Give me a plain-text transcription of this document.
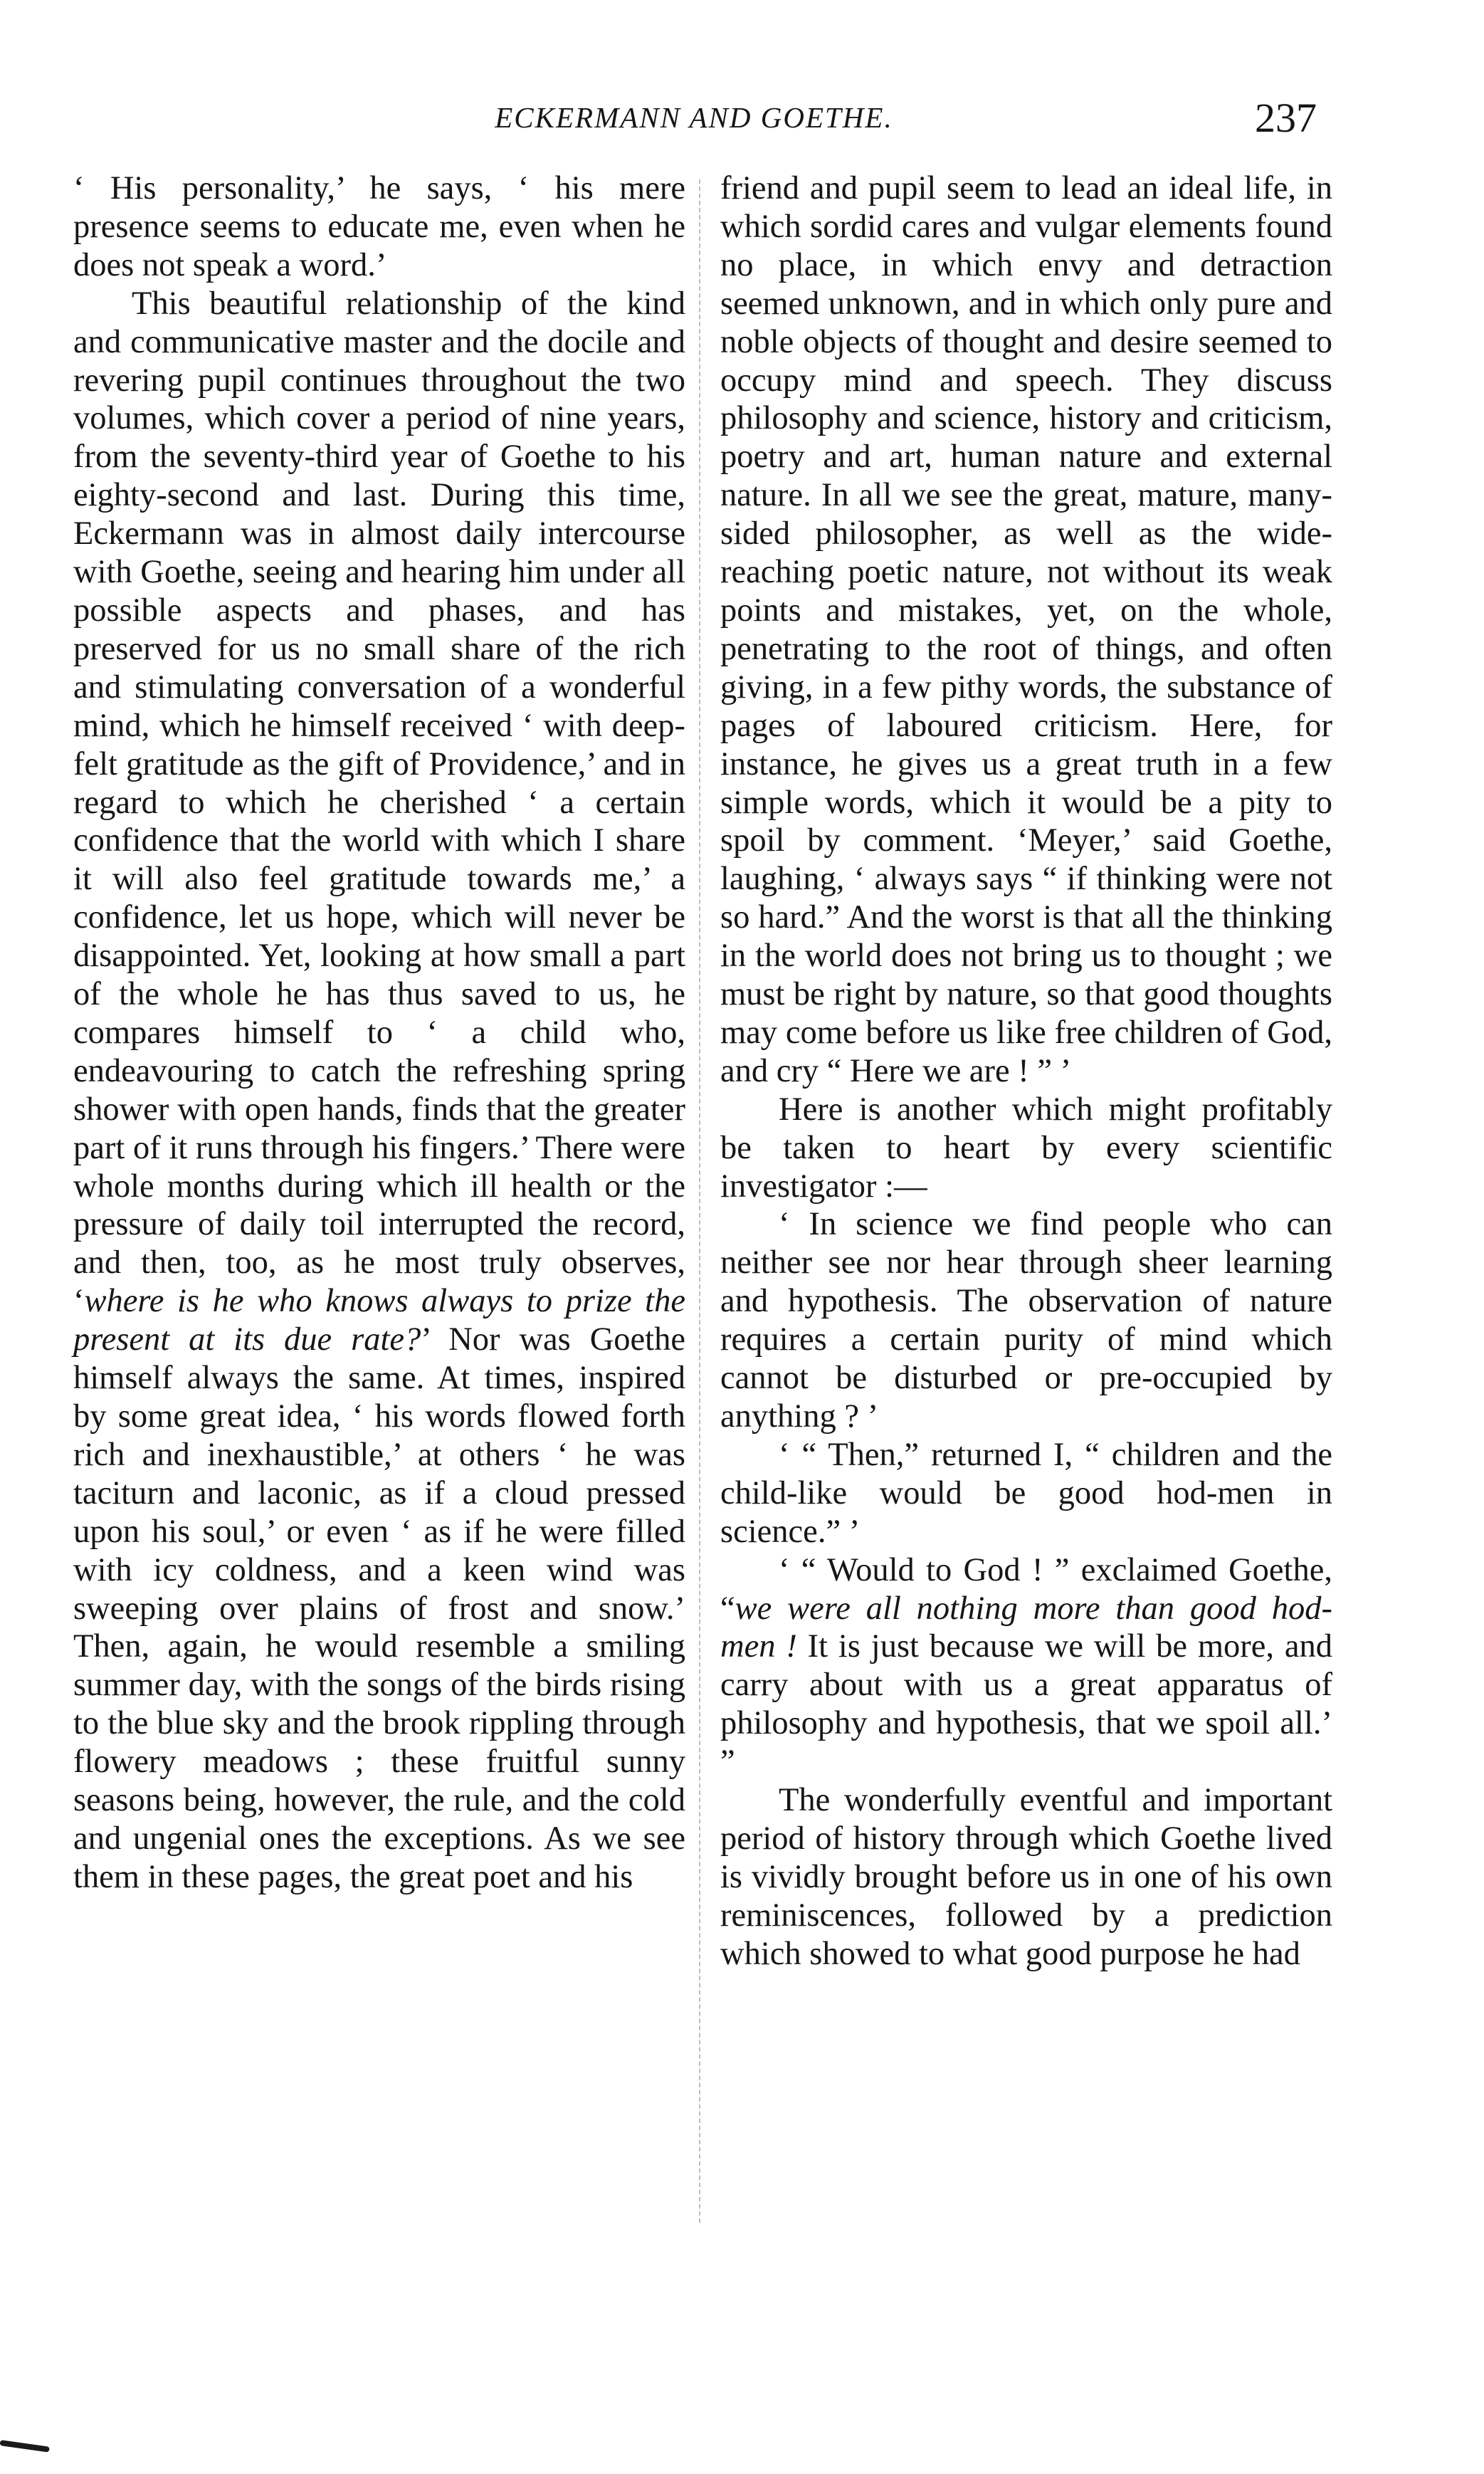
ECKERMANN AND GOETHE.	237

‘ His personality,’ he says, ‘ his mere presence seems to educate me, even when he does not speak a word.’

This beautiful relationship of the kind and communicative master and the docile and revering pupil continues throughout the two volumes, which cover a period of nine years, from the seventy-third year of Goethe to his eighty-second and last. During this time, Eckermann was in almost daily intercourse with Goethe, seeing and hearing him under all possible aspects and phases, and has preserved for us no small share of the rich and stimulating conversation of a wonderful mind, which he himself received ‘ with deep-felt gratitude as the gift of Providence,’ and in regard to which he cherished ‘ a certain confidence that the world with which I share it will also feel gratitude towards me,’ a confidence, let us hope, which will never be disappointed. Yet, looking at how small a part of the whole he has thus saved to us, he compares himself to ‘ a child who, endeavouring to catch the refreshing spring shower with open hands, finds that the greater part of it runs through his fingers.’ There were whole months during which ill health or the pressure of daily toil interrupted the record, and then, too, as he most truly observes, ‘where is he who knows always to prize the present at its due rate?’ Nor was Goethe himself always the same. At times, inspired by some great idea, ‘ his words flowed forth rich and inexhaustible,’ at others ‘ he was taciturn and laconic, as if a cloud pressed upon his soul,’ or even ‘ as if he were filled with icy coldness, and a keen wind was sweeping over plains of frost and snow.’ Then, again, he would resemble a smiling summer day, with the songs of the birds rising to the blue sky and the brook rippling through flowery meadows ; these fruitful sunny seasons being, however, the rule, and the cold and ungenial ones the exceptions. As we see them in these pages, the great poet and his

friend and pupil seem to lead an ideal life, in which sordid cares and vulgar elements found no place, in which envy and detraction seemed unknown, and in which only pure and noble objects of thought and desire seemed to occupy mind and speech. They discuss philosophy and science, history and criticism, poetry and art, human nature and external nature. In all we see the great, mature, many-sided philosopher, as well as the wide-reaching poetic nature, not without its weak points and mistakes, yet, on the whole, penetrating to the root of things, and often giving, in a few pithy words, the substance of pages of laboured criticism. Here, for instance, he gives us a great truth in a few simple words, which it would be a pity to spoil by comment. ‘Meyer,’ said Goethe, laughing, ‘ always says “ if thinking were not so hard.” And the worst is that all the thinking in the world does not bring us to thought ; we must be right by nature, so that good thoughts may come before us like free children of God, and cry “ Here we are ! ” ’

Here is another which might profitably be taken to heart by every scientific investigator :—

‘ In science we find people who can neither see nor hear through sheer learning and hypothesis. The observation of nature requires a certain purity of mind which cannot be disturbed or pre-occupied by anything ? ’

‘ “ Then,” returned I, “ children and the child-like would be good hod-men in science.” ’

‘ “ Would to God ! ” exclaimed Goethe, “we were all nothing more than good hod-men ! It is just because we will be more, and carry about with us a great apparatus of philosophy and hypothesis, that we spoil all.’ ”

The wonderfully eventful and important period of history through which Goethe lived is vividly brought before us in one of his own reminiscences, followed by a prediction which showed to what good purpose he had
